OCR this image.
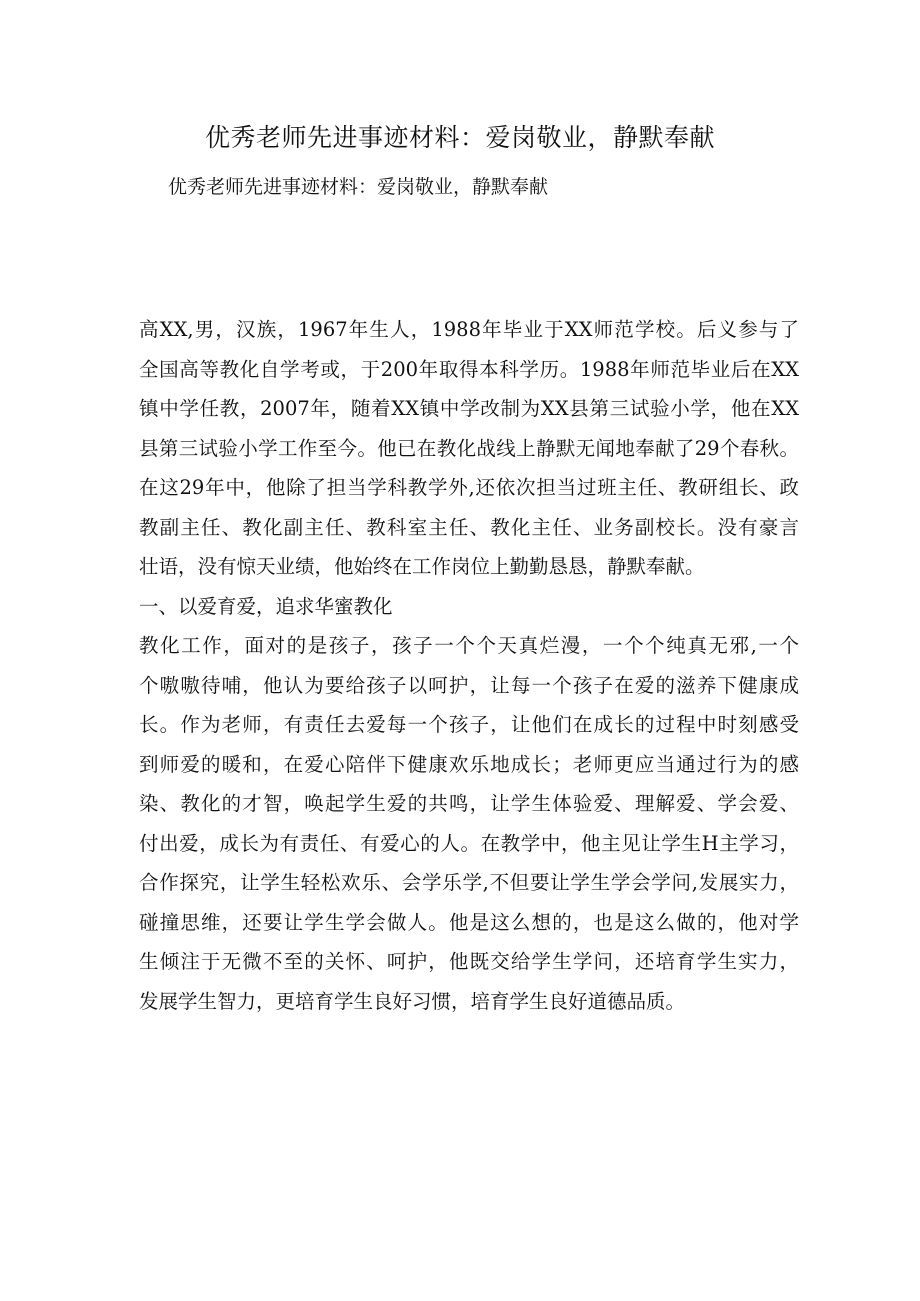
优秀老师先进事迹材料：爱岗敬业，静默奉献

优秀老师先进事迹材料：爱岗敬业，静默奉献

高XX,男，汉族，1967年生人，1988年毕业于XX师范学校。后义参与了
全国高等教化自学考或，于200年取得本科学历。1988年师范毕业后在XX
镇中学任教，2007年，随着XX镇中学改制为XX县第三试验小学，他在XX
县第三试验小学工作至今。他已在教化战线上静默无闻地奉献了29个春秋。
在这29年中，他除了担当学科教学外,还依次担当过班主任、教研组长、政
教副主任、教化副主任、教科室主任、教化主任、业务副校长。没有豪言
壮语，没有惊天业绩，他始终在工作岗位上勤勤恳恳，静默奉献。
一、以爱育爱，追求华蜜教化
教化工作，面对的是孩子，孩子一个个天真烂漫，一个个纯真无邪,一个
个嗷嗷待哺，他认为要给孩子以呵护，让每一个孩子在爱的滋养下健康成
长。作为老师，有责任去爱每一个孩子，让他们在成长的过程中时刻感受
到师爱的暖和，在爱心陪伴下健康欢乐地成长；老师更应当通过行为的感
染、教化的才智，唤起学生爱的共鸣，让学生体验爱、理解爱、学会爱、
付出爱，成长为有责任、有爱心的人。在教学中，他主见让学生H主学习，
合作探究，让学生轻松欢乐、会学乐学,不但要让学生学会学问,发展实力，
碰撞思维，还要让学生学会做人。他是这么想的，也是这么做的，他对学
生倾注于无微不至的关怀、呵护，他既交给学生学问，还培育学生实力，
发展学生智力，更培育学生良好习惯，培育学生良好道德品质。
